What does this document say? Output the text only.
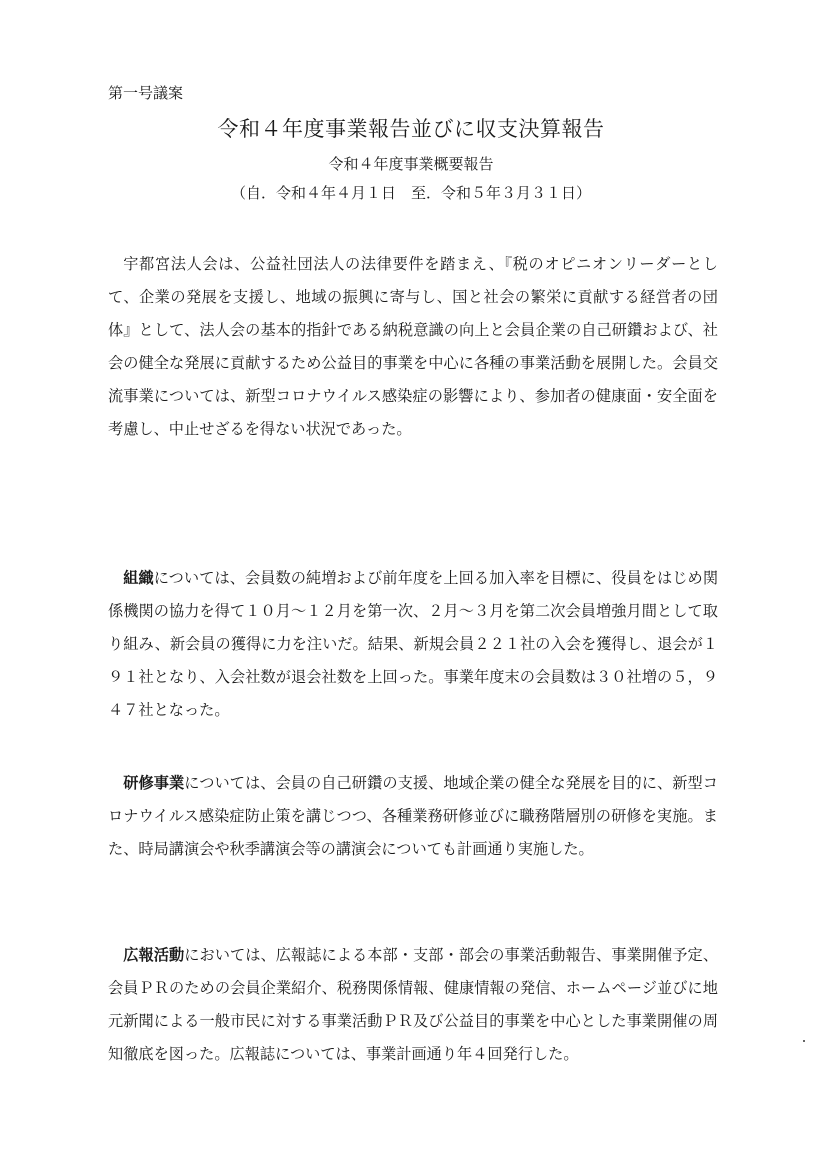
第一号議案
令和４年度事業報告並びに収支決算報告
令和４年度事業概要報告
（自．令和４年４月１日　至．令和５年３月３１日）

宇都宮法人会は、公益社団法人の法律要件を踏まえ、『税のオピニオンリーダーとして、企業の発展を支援し、地域の振興に寄与し、国と社会の繁栄に貢献する経営者の団体』として、法人会の基本的指針である納税意識の向上と会員企業の自己研鑽および、社会の健全な発展に貢献するため公益目的事業を中心に各種の事業活動を展開した。会員交流事業については、新型コロナウイルス感染症の影響により、参加者の健康面・安全面を考慮し、中止せざるを得ない状況であった。

組織については、会員数の純増および前年度を上回る加入率を目標に、役員をはじめ関係機関の協力を得て１０月～１２月を第一次、２月～３月を第二次会員増強月間として取り組み、新会員の獲得に力を注いだ。結果、新規会員２２１社の入会を獲得し、退会が１９１社となり、入会社数が退会社数を上回った。事業年度末の会員数は３０社増の５，９４７社となった。

研修事業については、会員の自己研鑽の支援、地域企業の健全な発展を目的に、新型コロナウイルス感染症防止策を講じつつ、各種業務研修並びに職務階層別の研修を実施。また、時局講演会や秋季講演会等の講演会についても計画通り実施した。

広報活動においては、広報誌による本部・支部・部会の事業活動報告、事業開催予定、会員ＰＲのための会員企業紹介、税務関係情報、健康情報の発信、ホームページ並びに地元新聞による一般市民に対する事業活動ＰＲ及び公益目的事業を中心とした事業開催の周知徹底を図った。広報誌については、事業計画通り年４回発行した。
